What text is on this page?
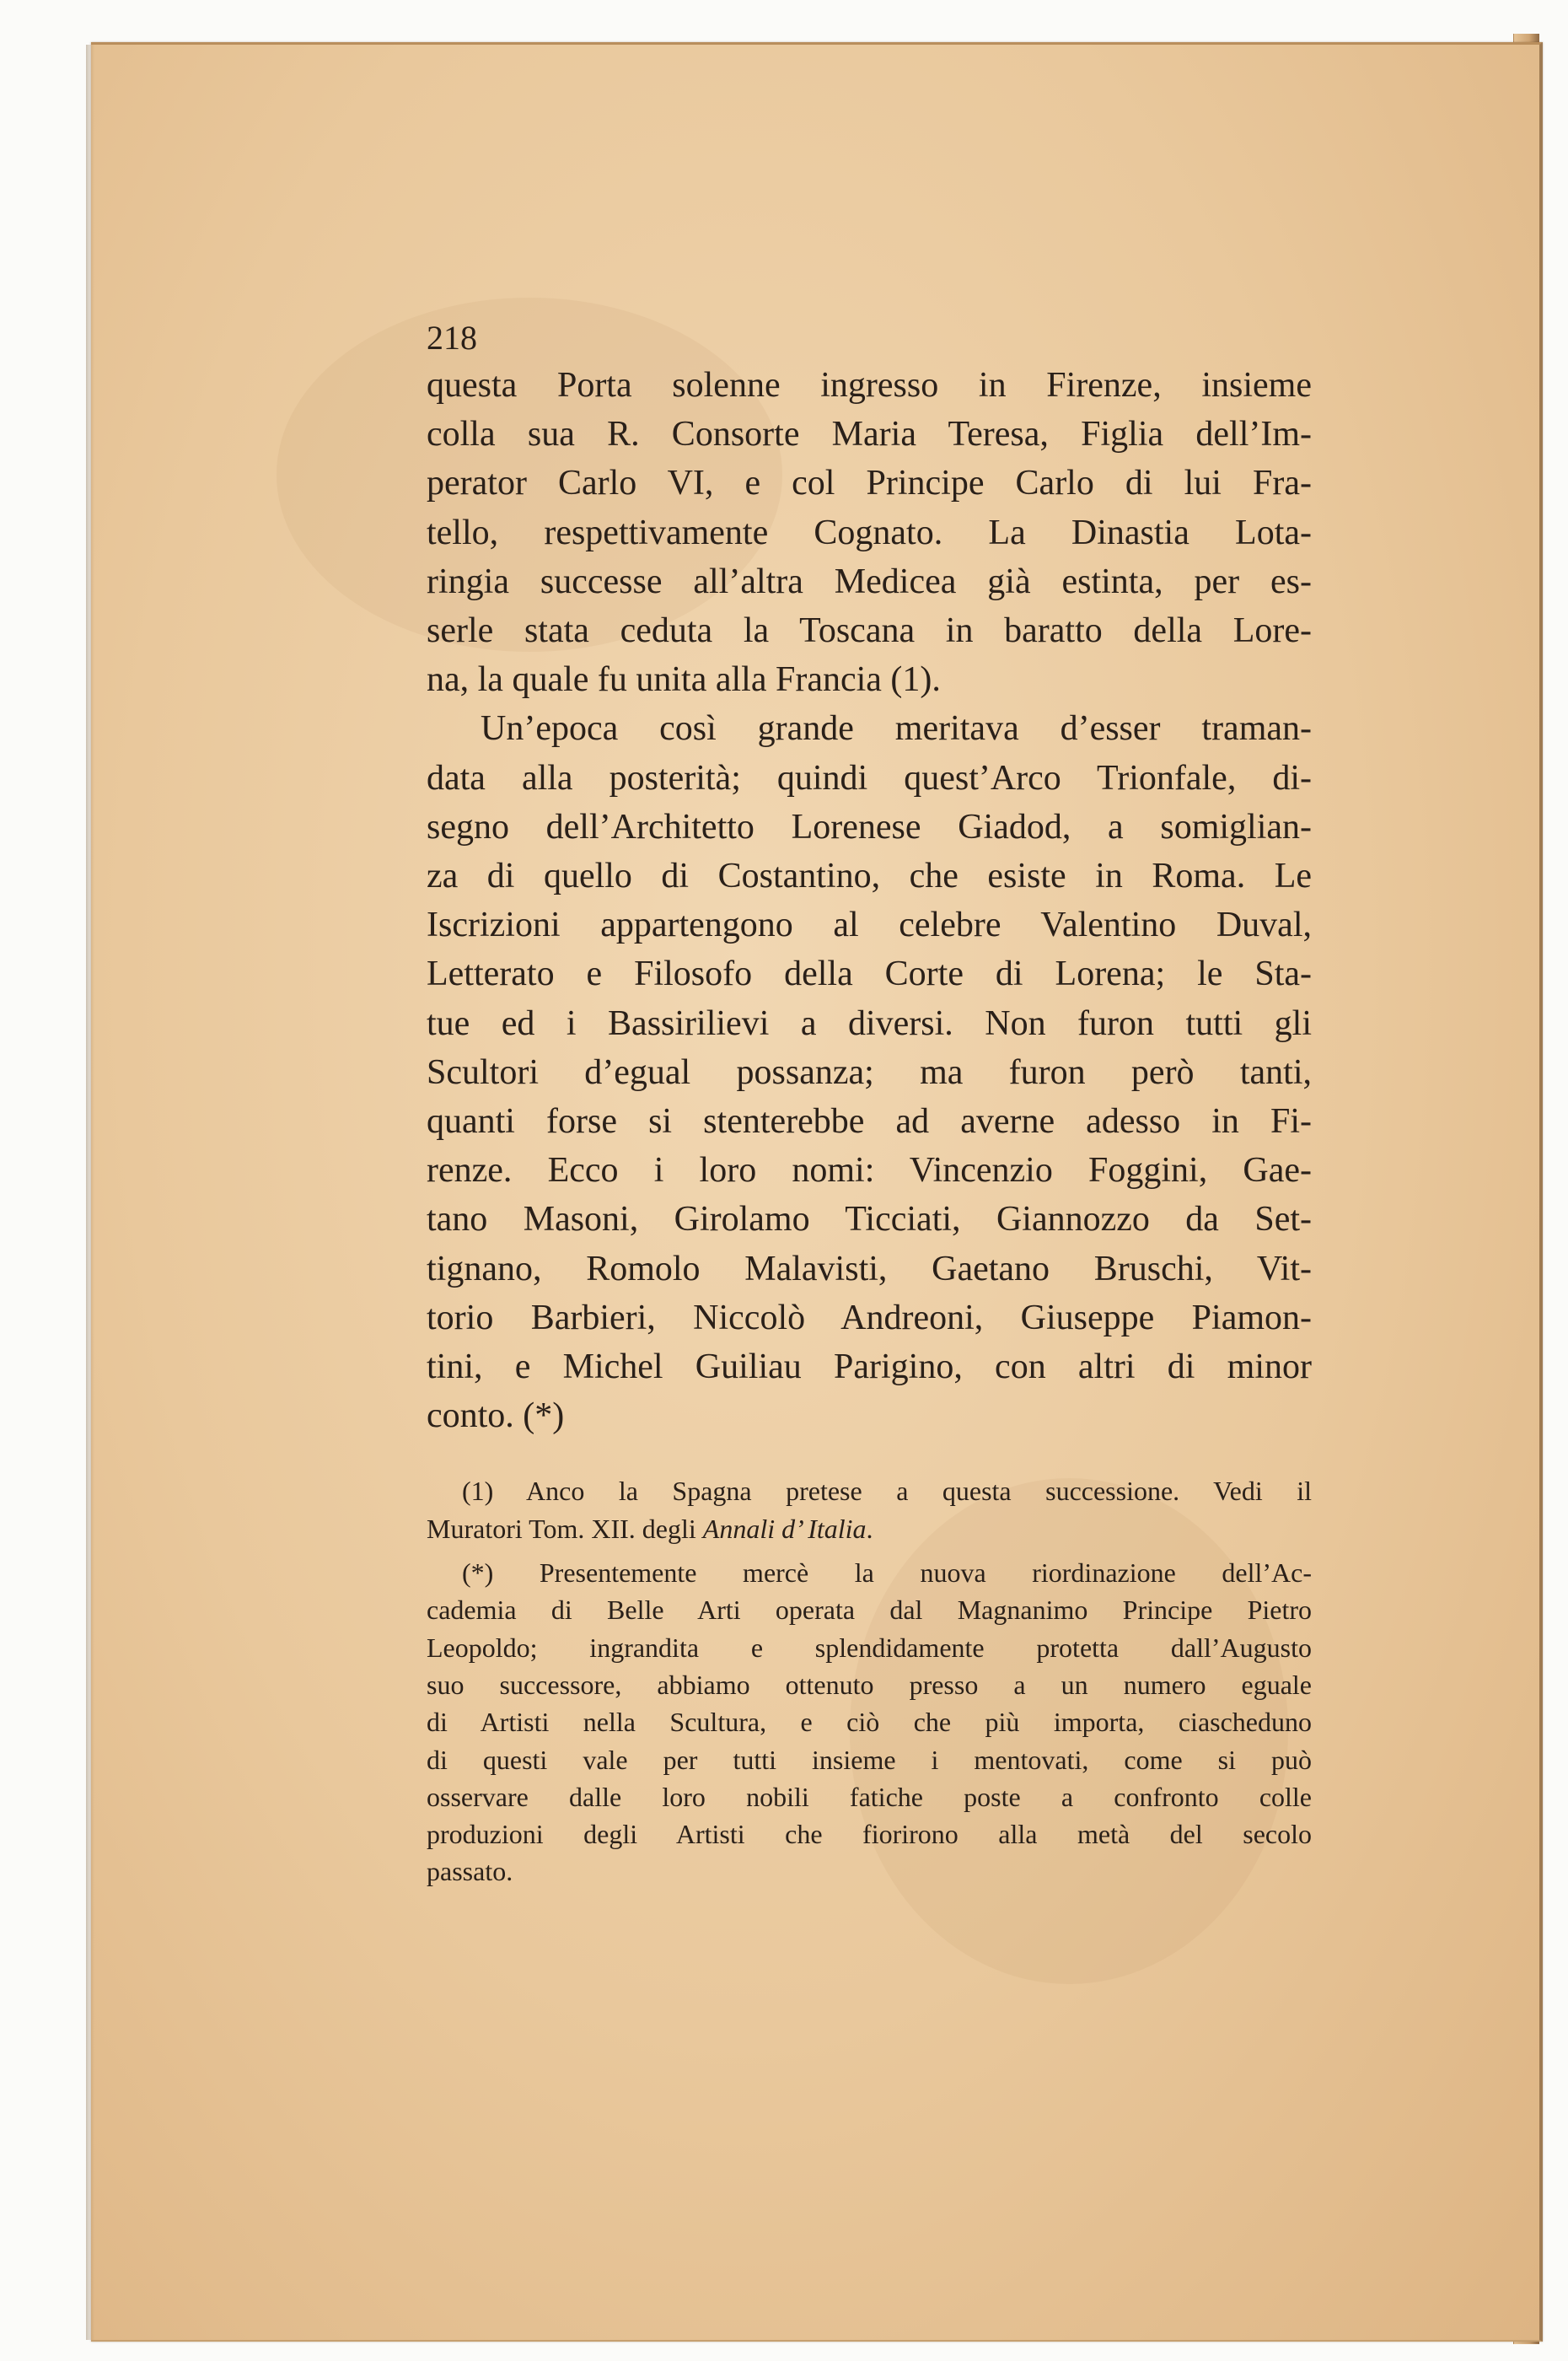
218
questa Porta solenne ingresso in Firenze, insieme
colla sua R. Consorte Maria Teresa, Figlia dell’Im-
perator Carlo VI, e col Principe Carlo di lui Fra-
tello, respettivamente Cognato. La Dinastia Lota-
ringia successe all’altra Medicea già estinta, per es-
serle stata ceduta la Toscana in baratto della Lore-
na, la quale fu unita alla Francia (1).
Un’epoca così grande meritava d’esser traman-
data alla posterità; quindi quest’Arco Trionfale, di-
segno dell’Architetto Lorenese Giadod, a somiglian-
za di quello di Costantino, che esiste in Roma. Le
Iscrizioni appartengono al celebre Valentino Duval,
Letterato e Filosofo della Corte di Lorena; le Sta-
tue ed i Bassirilievi a diversi. Non furon tutti gli
Scultori d’egual possanza; ma furon però tanti,
quanti forse si stenterebbe ad averne adesso in Fi-
renze. Ecco i loro nomi: Vincenzio Foggini, Gae-
tano Masoni, Girolamo Ticciati, Giannozzo da Set-
tignano, Romolo Malavisti, Gaetano Bruschi, Vit-
torio Barbieri, Niccolò Andreoni, Giuseppe Piamon-
tini, e Michel Guiliau Parigino, con altri di minor
conto. (*)
(1) Anco la Spagna pretese a questa successione. Vedi il
Muratori Tom. XII. degli Annali d’ Italia.
(*) Presentemente mercè la nuova riordinazione dell’Ac-
cademia di Belle Arti operata dal Magnanimo Principe Pietro
Leopoldo; ingrandita e splendidamente protetta dall’Augusto
suo successore, abbiamo ottenuto presso a un numero eguale
di Artisti nella Scultura, e ciò che più importa, ciascheduno
di questi vale per tutti insieme i mentovati, come si può
osservare dalle loro nobili fatiche poste a confronto colle
produzioni degli Artisti che fiorirono alla metà del secolo
passato.
